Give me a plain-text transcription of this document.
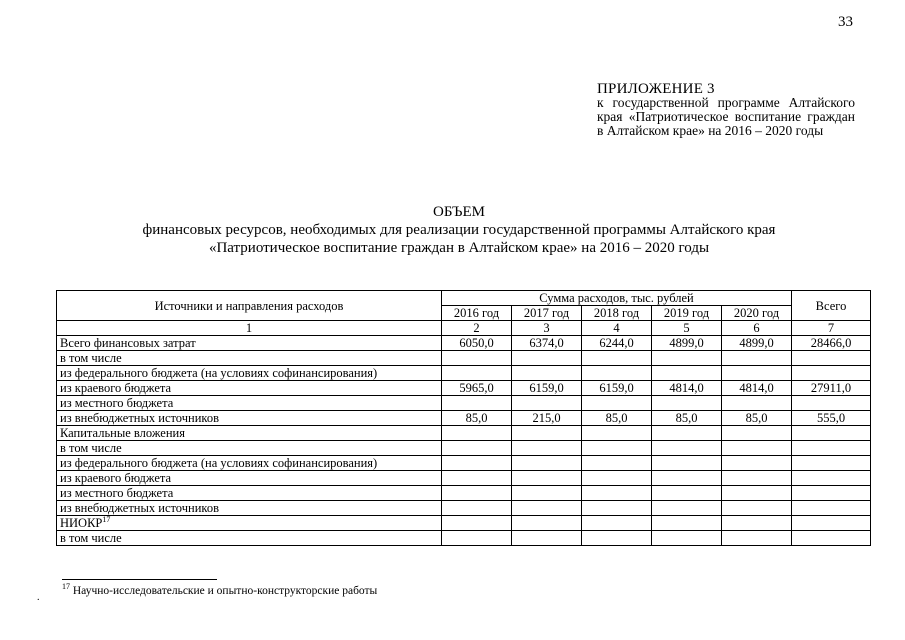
33
ПРИЛОЖЕНИЕ 3
к государственной программе Алтайского края «Патриотическое воспитание граждан в Алтайском крае» на 2016 – 2020 годы
ОБЪЕМ
финансовых ресурсов, необходимых для реализации государственной программы Алтайского края
«Патриотическое воспитание граждан в Алтайском крае» на 2016 – 2020 годы
Источники и направления расходов	Сумма расходов, тыс. рублей					Всего
	2016 год	2017 год	2018 год	2019 год	2020 год	
1	2	3	4	5	6	7
Всего финансовых затрат	6050,0	6374,0	6244,0	4899,0	4899,0	28466,0
в том числе						
из федерального бюджета (на условиях софинансирования)						
из краевого бюджета	5965,0	6159,0	6159,0	4814,0	4814,0	27911,0
из местного бюджета						
из внебюджетных источников	85,0	215,0	85,0	85,0	85,0	555,0
Капитальные вложения						
в том числе						
из федерального бюджета (на условиях софинансирования)						
из краевого бюджета						
из местного бюджета						
из внебюджетных источников						
НИОКР$^{17}$						
в том числе						
$^{17}$ Научно-исследовательские и опытно-конструкторские работы
.
